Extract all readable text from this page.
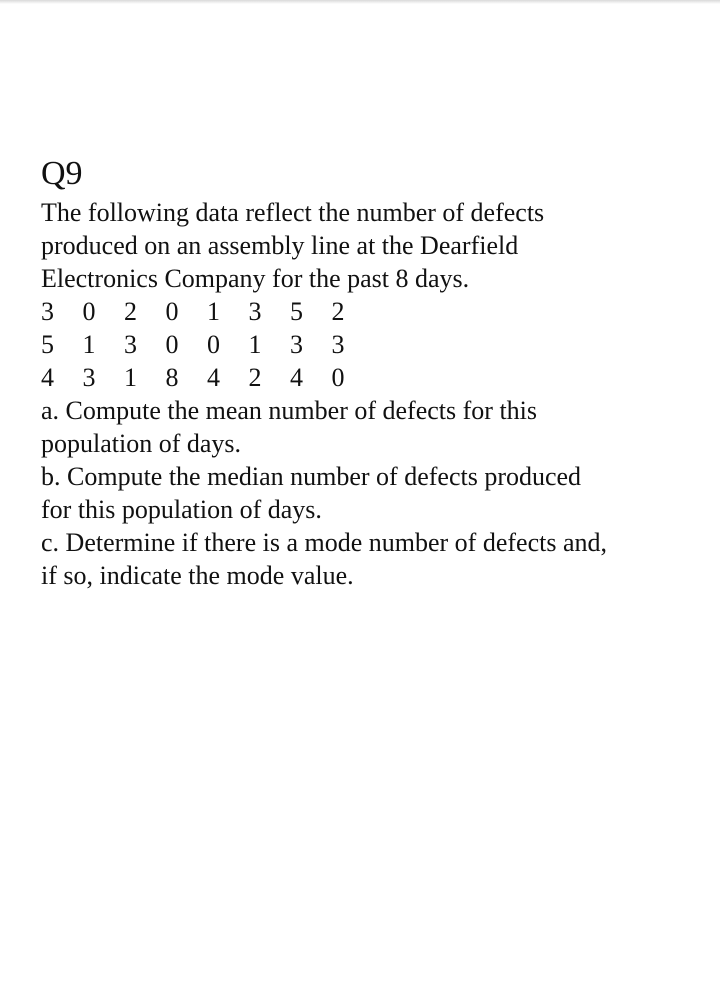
Q9
The following data reflect the number of defects
produced on an assembly line at the Dearfield
Electronics Company for the past 8 days.
3	0	2	0	1	3	5	2
5	1	3	0	0	1	3	3
4	3	1	8	4	2	4	0
a. Compute the mean number of defects for this
population of days.
b. Compute the median number of defects produced
for this population of days.
c. Determine if there is a mode number of defects and,
if so, indicate the mode value.
